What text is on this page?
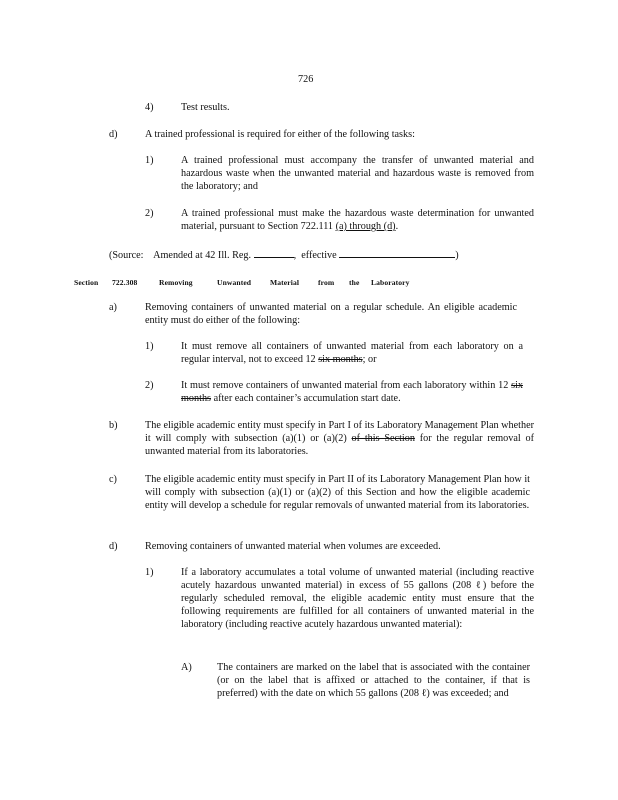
726
4)	Test results.
d)	A trained professional is required for either of the following tasks:
1)	A trained professional must accompany the transfer of unwanted material and hazardous waste when the unwanted material and hazardous waste is removed from the laboratory; and

2)	A trained professional must make the hazardous waste determination for unwanted material, pursuant to Section 722.111 (a) through (d).

(Source: Amended at 42 Ill. Reg.	,  effective	)
Section 722.308	Removing	Unwanted Material from the Laboratory
a)	Removing containers of unwanted material on a regular schedule. An eligible academic entity must do either of the following:

1)	It must remove all containers of unwanted material from each laboratory on a regular interval, not to exceed 12 six months; or

2)	It must remove containers of unwanted material from each laboratory within 12 six months after each container’s accumulation start date.

b)	The eligible academic entity must specify in Part I of its Laboratory Management Plan whether it will comply with subsection (a)(1) or (a)(2) of this Section for the regular removal of unwanted material from its laboratories.

c)	The eligible academic entity must specify in Part II of its Laboratory Management Plan how it will comply with subsection (a)(1) or (a)(2) of this Section and how the eligible academic entity will develop a schedule for regular removals of unwanted material from its laboratories.

d)	Removing containers of unwanted material when volumes are exceeded.

1)	If a laboratory accumulates a total volume of unwanted material (including reactive acutely hazardous unwanted material) in excess of 55 gallons (208 ℓ) before the regularly scheduled removal, the eligible academic entity must ensure that the following requirements are fulfilled for all containers of unwanted material in the laboratory (including reactive acutely hazardous unwanted material):

A) The containers are marked on the label that is associated with the container (or on the label that is affixed or attached to the container, if that is preferred) with the date on which 55 gallons (208 ℓ) was exceeded; and
